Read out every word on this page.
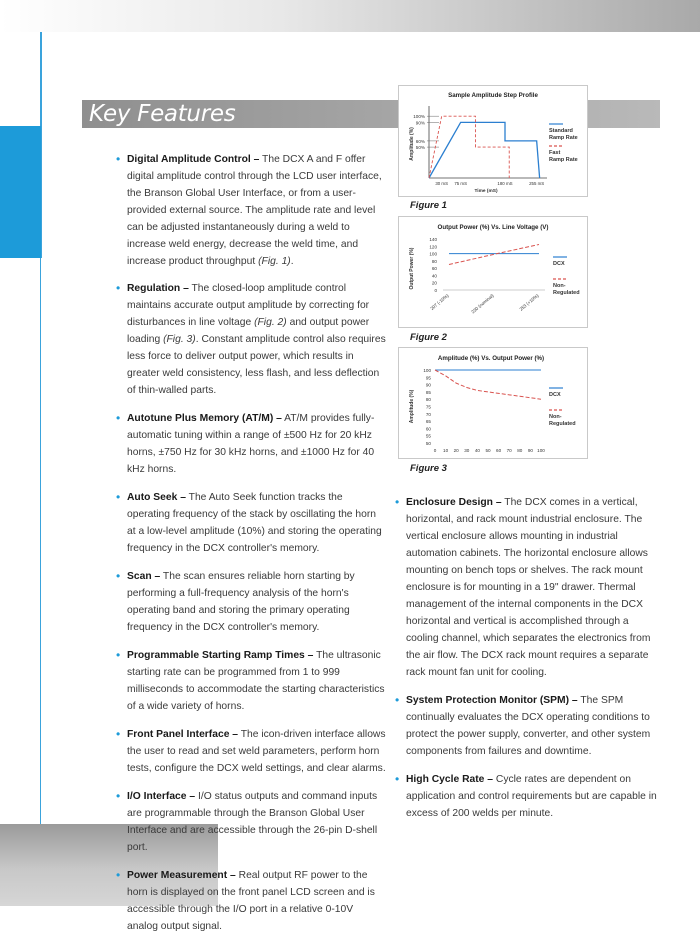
Key Features
• Digital Amplitude Control – The DCX A and F offer digital amplitude control through the LCD user interface, the Branson Global User Interface, or from a user-provided external source. The amplitude rate and level can be adjusted instantaneously during a weld to increase weld energy, decrease the weld time, and increase product throughput (Fig. 1).
• Regulation – The closed-loop amplitude control maintains accurate output amplitude by correcting for disturbances in line voltage (Fig. 2) and output power loading (Fig. 3). Constant amplitude control also requires less force to deliver output power, which results in greater weld consistency, less flash, and less deflection of thin-walled parts.
• Autotune Plus Memory (AT/M) – AT/M provides fully-automatic tuning within a range of ±500 Hz for 20 kHz horns, ±750 Hz for 30 kHz horns, and ±1000 Hz for 40 kHz horns.
• Auto Seek – The Auto Seek function tracks the operating frequency of the stack by oscillating the horn at a low-level amplitude (10%) and storing the operating frequency in the DCX controller's memory.
• Scan – The scan ensures reliable horn starting by performing a full-frequency analysis of the horn's operating band and storing the primary operating frequency in the DCX controller's memory.
• Programmable Starting Ramp Times – The ultrasonic starting rate can be programmed from 1 to 999 milliseconds to accommodate the starting characteristics of a wide variety of horns.
• Front Panel Interface – The icon-driven interface allows the user to read and set weld parameters, perform horn tests, configure the DCX weld settings, and clear alarms.
• I/O Interface – I/O status outputs and command inputs are programmable through the Branson Global User Interface and are accessible through the 26-pin D-shell port.
• Power Measurement – Real output RF power to the horn is displayed on the front panel LCD screen and is accessible through the I/O port in a relative 0-10V analog output signal.
• Enclosure Design – The DCX comes in a vertical, horizontal, and rack mount industrial enclosure. The vertical enclosure allows mounting in industrial automation cabinets. The horizontal enclosure allows mounting on bench tops or shelves. The rack mount enclosure is for mounting in a 19" drawer. Thermal management of the internal components in the DCX horizontal and vertical is accomplished through a cooling channel, which separates the electronics from the air flow. The DCX rack mount requires a separate rack mount fan unit for cooling.
• System Protection Monitor (SPM) – The SPM continually evaluates the DCX operating conditions to protect the power supply, converter, and other system components from failures and downtime.
• High Cycle Rate – Cycle rates are dependent on application and control requirements but are capable in excess of 200 welds per minute.
Sample Amplitude Step Profile
100%
90%
60%
50%
30 mS 75 mS	180 mS	255 mS
Time (mS)
Amplitude (%)	Standard
Ramp Rate
Fast
Ramp Rate
Figure 1
Output Power (%) Vs. Line Voltage (V)
0
20
40
60
80
100
120
140
207 (-10%)	230 (nominal)	253 (+10%)
Output Power (%)	DCX
Non-
Regulated
Figure 2
Amplitude (%) Vs. Output Power (%)
50
55
60
65
70
75
80
85
90
95
100
0 10 20 30 40 50 60 70 80 90 100
Amplitude (%)	DCX
Non-
Regulated
Figure 3
